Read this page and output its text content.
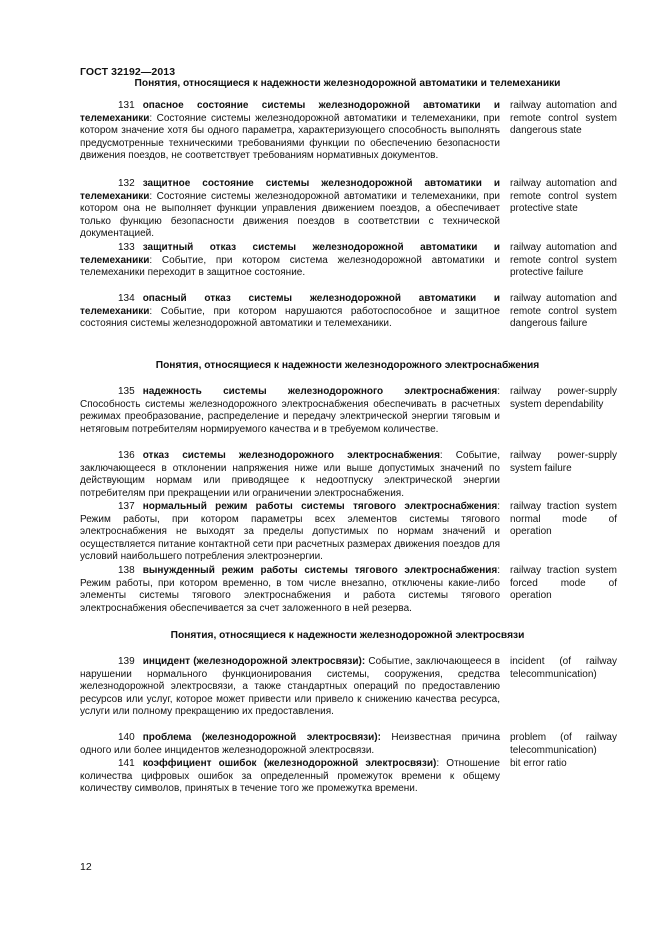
ГОСТ 32192—2013
Понятия, относящиеся к надежности железнодорожной автоматики и телемеханики
131 опасное состояние системы железнодорожной автоматики и телемеханики: Состояние системы железнодорожной автоматики и телемеханики, при котором значение хотя бы одного параметра, характеризующего способность выполнять предусмотренные техническими требованиями функции по обеспечению безопасности движения поездов, не соответствует требованиям нормативных документов.
railway automation and remote control system dangerous state
132 защитное состояние системы железнодорожной автоматики и телемеханики: Состояние системы железнодорожной автоматики и телемеханики, при котором она не выполняет функции управления движением поездов, а обеспечивает только функцию безопасности движения поездов в соответствии с технической документацией.
railway automation and remote control system protective state
133 защитный отказ системы железнодорожной автоматики и телемеханики: Событие, при котором система железнодорожной автоматики и телемеханики переходит в защитное состояние.
railway automation and remote control system protective failure
134 опасный отказ системы железнодорожной автоматики и телемеханики: Событие, при котором нарушаются работоспособное и защитное состояния системы железнодорожной автоматики и телемеханики.
railway automation and remote control system dangerous failure
Понятия, относящиеся к надежности железнодорожного электроснабжения
135 надежность системы железнодорожного электроснабжения: Способность системы железнодорожного электроснабжения обеспечивать в расчетных режимах преобразование, распределение и передачу электрической энергии тяговым и нетяговым потребителям нормируемого качества и в требуемом количестве.
railway power-supply system dependability
136 отказ системы железнодорожного электроснабжения: Событие, заключающееся в отклонении напряжения ниже или выше допустимых значений по действующим нормам или приводящее к недоотпуску электрической энергии потребителям при прекращении или ограничении электроснабжения.
railway power-supply system failure
137 нормальный режим работы системы тягового электроснабжения: Режим работы, при котором параметры всех элементов системы тягового электроснабжения не выходят за пределы допустимых по нормам значений и осуществляется питание контактной сети при расчетных размерах движения поездов для условий наибольшего потребления электроэнергии.
railway traction system normal mode of operation
138 вынужденный режим работы системы тягового электроснабжения: Режим работы, при котором временно, в том числе внезапно, отключены какие-либо элементы системы тягового электроснабжения и работа системы тягового электроснабжения обеспечивается за счет заложенного в ней резерва.
railway traction system forced mode of operation
Понятия, относящиеся к надежности железнодорожной электросвязи
139 инцидент (железнодорожной электросвязи): Событие, заключающееся в нарушении нормального функционирования системы, сооружения, средства железнодорожной электросвязи, а также стандартных операций по предоставлению ресурсов или услуг, которое может привести или привело к снижению качества ресурса, услуги или полному прекращению их предоставления.
incident (of railway telecommunication)
140 проблема (железнодорожной электросвязи): Неизвестная причина одного или более инцидентов железнодорожной электросвязи.
problem (of railway telecommunication)
141 коэффициент ошибок (железнодорожной электросвязи): Отношение количества цифровых ошибок за определенный промежуток времени к общему количеству символов, принятых в течение того же промежутка времени.
bit error ratio
12
